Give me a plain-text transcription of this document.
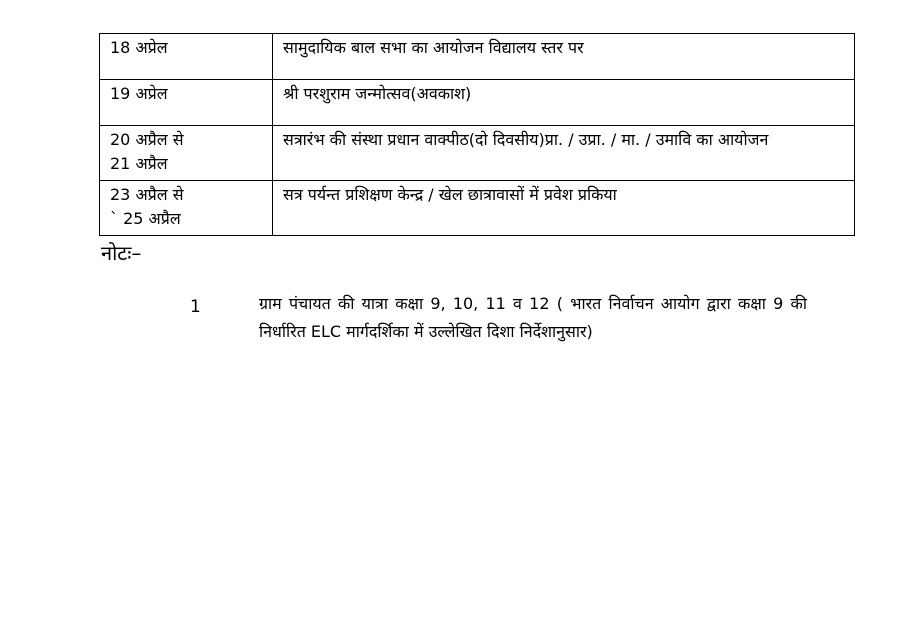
18 अप्रेल	सामुदायिक बाल सभा का आयोजन विद्यालय स्तर पर

19 अप्रेल	श्री परशुराम जन्मोत्सव(अवकाश)

20 अप्रैल से
21 अप्रैल	सत्रारंभ की संस्था प्रधान वाक्पीठ(दो दिवसीय)प्रा. / उप्रा. / मा. / उमावि का आयोजन

23 अप्रैल से
` 25 अप्रैल	सत्र पर्यन्त प्रशिक्षण केन्द्र / खेल छात्रावासों में प्रवेश प्रकिया
नोटः–
1	ग्राम पंचायत की यात्रा कक्षा 9, 10, 11 व 12 ( भारत निर्वाचन आयोग द्वारा कक्षा 9 की निर्धारित ELC मार्गदर्शिका में उल्लेखित दिशा निर्देशानुसार)
